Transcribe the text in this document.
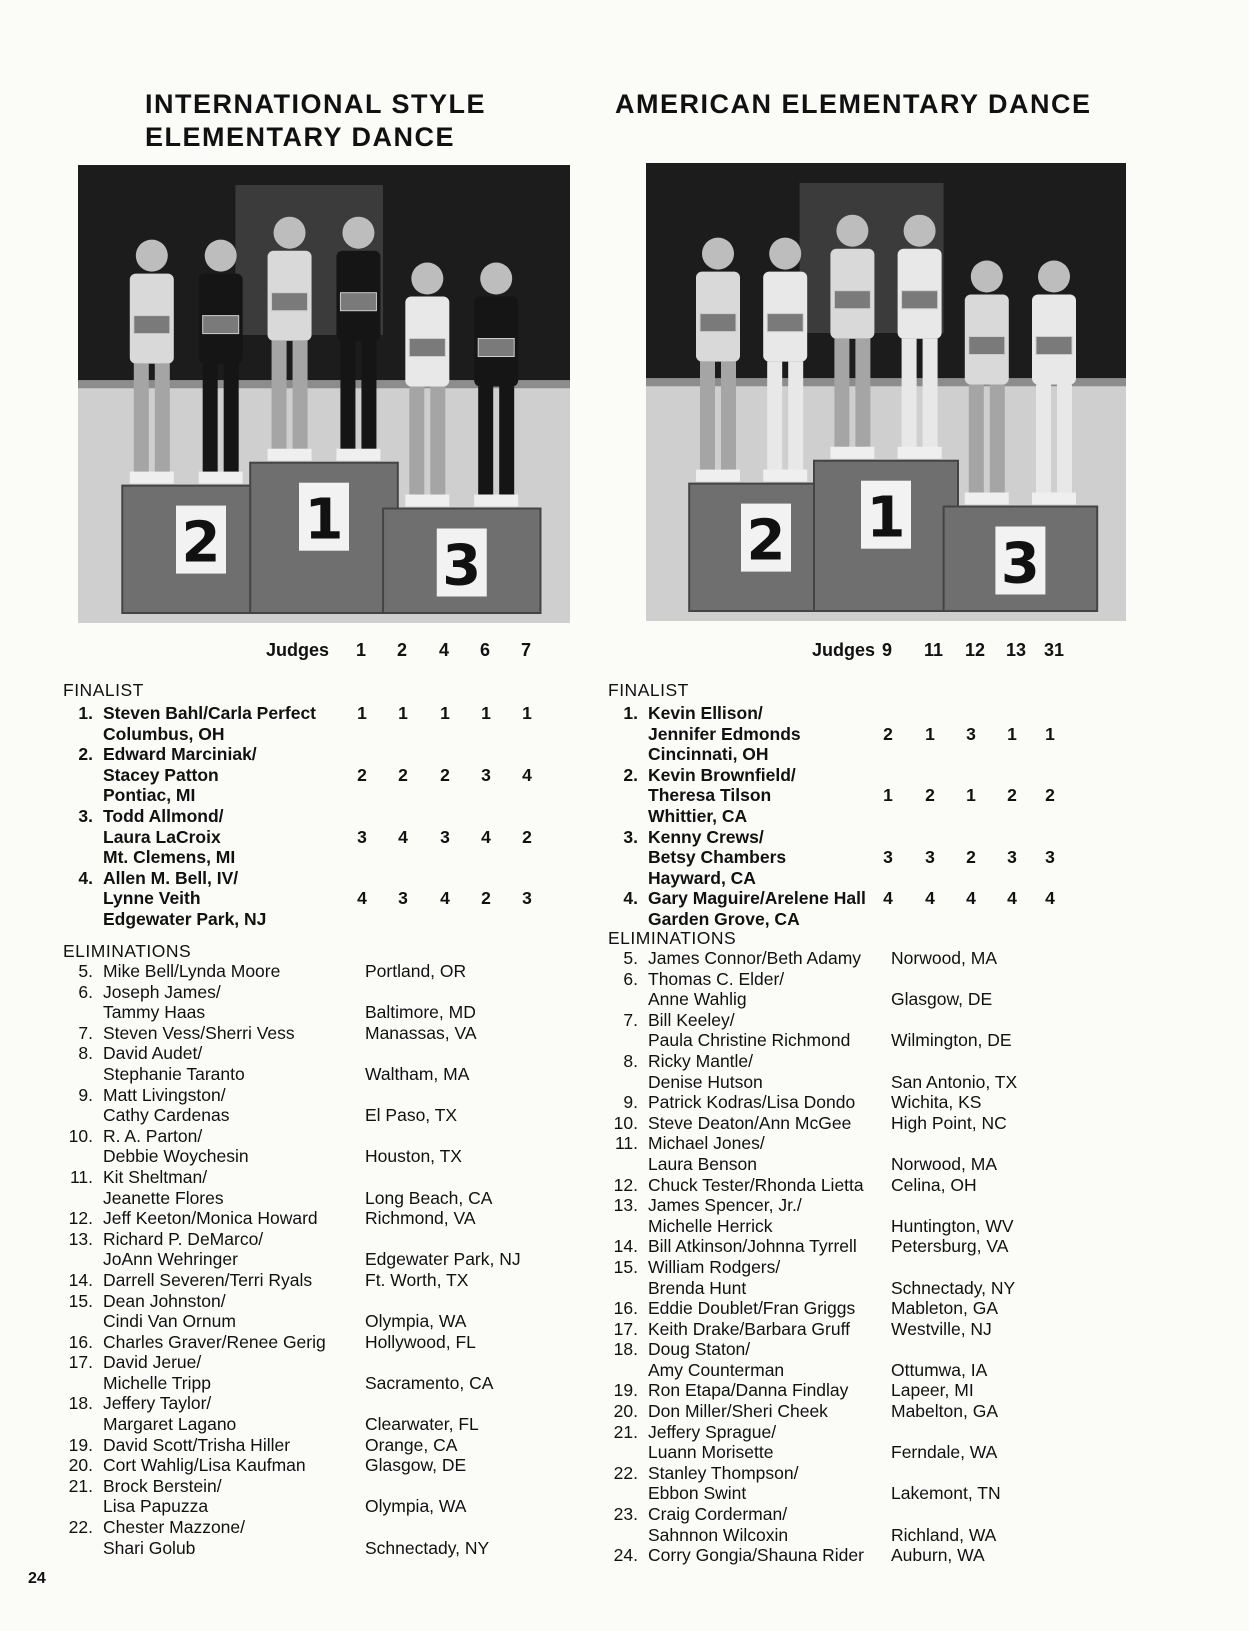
INTERNATIONAL STYLE
ELEMENTARY DANCE
2 1
3
Judges 1 2 4 6 7
FINALIST
1. Steven Bahl/Carla Perfect
Columbus, OH
1 1 1 1 1
2. Edward Marciniak/
Stacey Patton
Pontiac, MI
2 2 2 3 4
3. Todd Allmond/
Laura LaCroix
Mt. Clemens, MI
3 4 3 4 2
4. Allen M. Bell, IV/
Lynne Veith
Edgewater Park, NJ
4 3 4 2 3
ELIMINATIONS
5. Mike Bell/Lynda Moore	Portland, OR
6. Joseph James/
Tammy Haas	Baltimore, MD
7. Steven Vess/Sherri Vess	Manassas, VA
8. David Audet/
Stephanie Taranto	Waltham, MA
9. Matt Livingston/
Cathy Cardenas	El Paso, TX
10. R. A. Parton/
Debbie Woychesin	Houston, TX
11. Kit Sheltman/
Jeanette Flores	Long Beach, CA
12. Jeff Keeton/Monica Howard	Richmond, VA
13. Richard P. DeMarco/
JoAnn Wehringer	Edgewater Park, NJ
14. Darrell Severen/Terri Ryals	Ft. Worth, TX
15. Dean Johnston/
Cindi Van Ornum	Olympia, WA
16. Charles Graver/Renee Gerig	Hollywood, FL
17. David Jerue/
Michelle Tripp	Sacramento, CA
18. Jeffery Taylor/
Margaret Lagano	Clearwater, FL
19. David Scott/Trisha Hiller	Orange, CA
20. Cort Wahlig/Lisa Kaufman	Glasgow, DE
21. Brock Berstein/
Lisa Papuzza	Olympia, WA
22. Chester Mazzone/
Shari Golub	Schnectady, NY
AMERICAN ELEMENTARY DANCE
2 1
3
Judges 9 11 12 13 31
FINALIST
1. Kevin Ellison/
Jennifer Edmonds
Cincinnati, OH
2 1 3 1 1
2. Kevin Brownfield/
Theresa Tilson
Whittier, CA
1 2 1 2 2
3. Kenny Crews/
Betsy Chambers
Hayward, CA
3 3 2 3 3
4. Gary Maguire/Arelene Hall
Garden Grove, CA
4 4 4 4 4
ELIMINATIONS
5. James Connor/Beth Adamy	Norwood, MA
6. Thomas C. Elder/
Anne Wahlig	Glasgow, DE
7. Bill Keeley/
Paula Christine Richmond	Wilmington, DE
8. Ricky Mantle/
Denise Hutson	San Antonio, TX
9. Patrick Kodras/Lisa Dondo	Wichita, KS
10. Steve Deaton/Ann McGee	High Point, NC
11. Michael Jones/
Laura Benson	Norwood, MA
12. Chuck Tester/Rhonda Lietta	Celina, OH
13. James Spencer, Jr./
Michelle Herrick	Huntington, WV
14. Bill Atkinson/Johnna Tyrrell	Petersburg, VA
15. William Rodgers/
Brenda Hunt	Schnectady, NY
16. Eddie Doublet/Fran Griggs	Mableton, GA
17. Keith Drake/Barbara Gruff	Westville, NJ
18. Doug Staton/
Amy Counterman	Ottumwa, IA
19. Ron Etapa/Danna Findlay	Lapeer, MI
20. Don Miller/Sheri Cheek	Mabelton, GA
21. Jeffery Sprague/
Luann Morisette	Ferndale, WA
22. Stanley Thompson/
Ebbon Swint	Lakemont, TN
23. Craig Corderman/
Sahnnon Wilcoxin	Richland, WA
24. Corry Gongia/Shauna Rider	Auburn, WA
24
